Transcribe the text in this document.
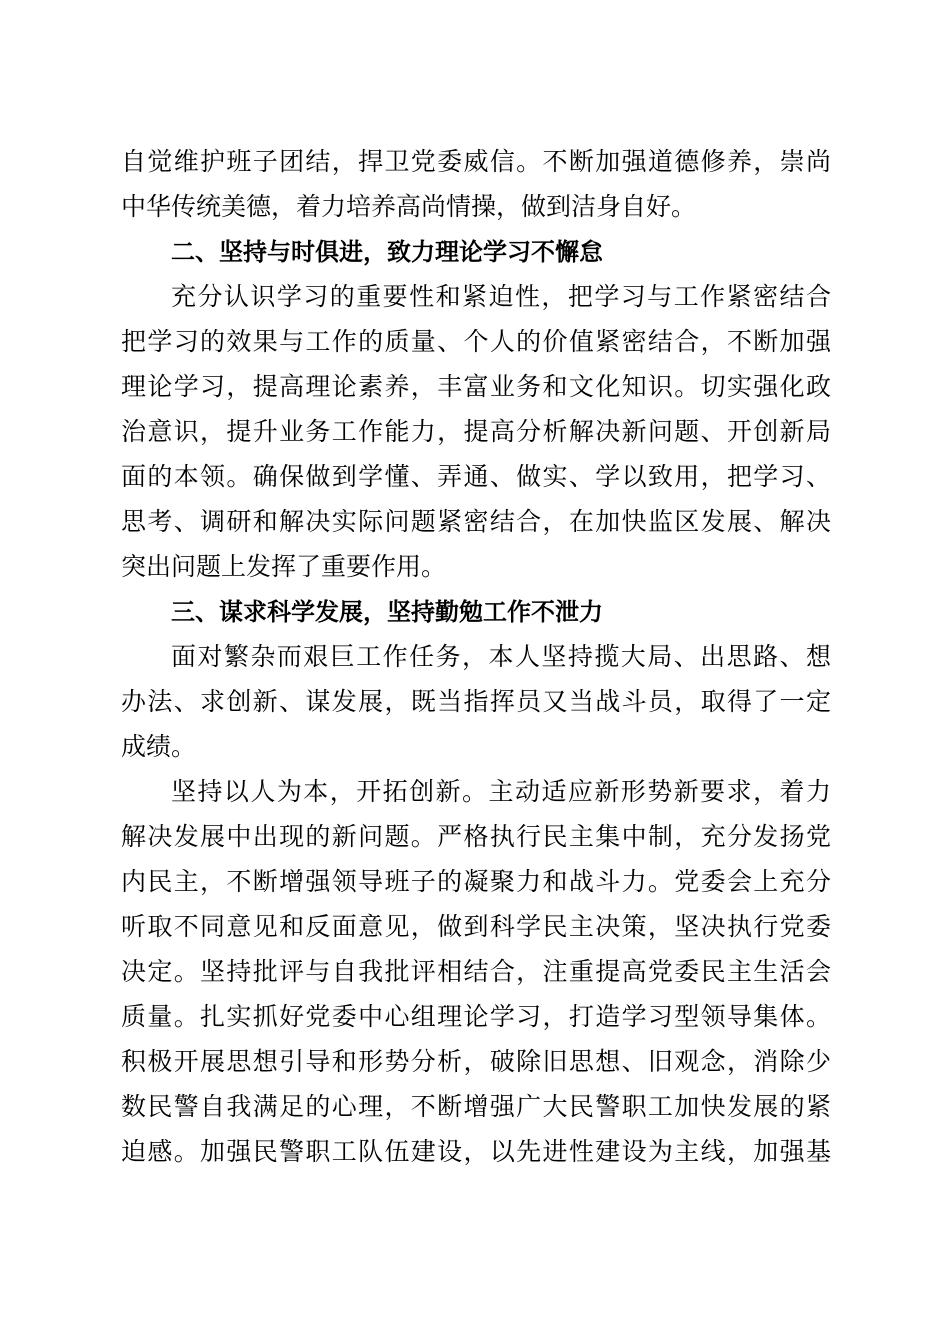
自觉维护班子团结，捍卫党委威信。不断加强道德修养，崇尚
中华传统美德，着力培养高尚情操，做到洁身自好。
二、坚持与时俱进，致力理论学习不懈怠
充分认识学习的重要性和紧迫性，把学习与工作紧密结合
把学习的效果与工作的质量、个人的价值紧密结合，不断加强
理论学习，提高理论素养，丰富业务和文化知识。切实强化政
治意识，提升业务工作能力，提高分析解决新问题、开创新局
面的本领。确保做到学懂、弄通、做实、学以致用，把学习、
思考、调研和解决实际问题紧密结合，在加快监区发展、解决
突出问题上发挥了重要作用。
三、谋求科学发展，坚持勤勉工作不泄力
面对繁杂而艰巨工作任务，本人坚持揽大局、出思路、想
办法、求创新、谋发展，既当指挥员又当战斗员，取得了一定
成绩。
坚持以人为本，开拓创新。主动适应新形势新要求，着力
解决发展中出现的新问题。严格执行民主集中制，充分发扬党
内民主，不断增强领导班子的凝聚力和战斗力。党委会上充分
听取不同意见和反面意见，做到科学民主决策，坚决执行党委
决定。坚持批评与自我批评相结合，注重提高党委民主生活会
质量。扎实抓好党委中心组理论学习，打造学习型领导集体。
积极开展思想引导和形势分析，破除旧思想、旧观念，消除少
数民警自我满足的心理，不断增强广大民警职工加快发展的紧
迫感。加强民警职工队伍建设，以先进性建设为主线，加强基
